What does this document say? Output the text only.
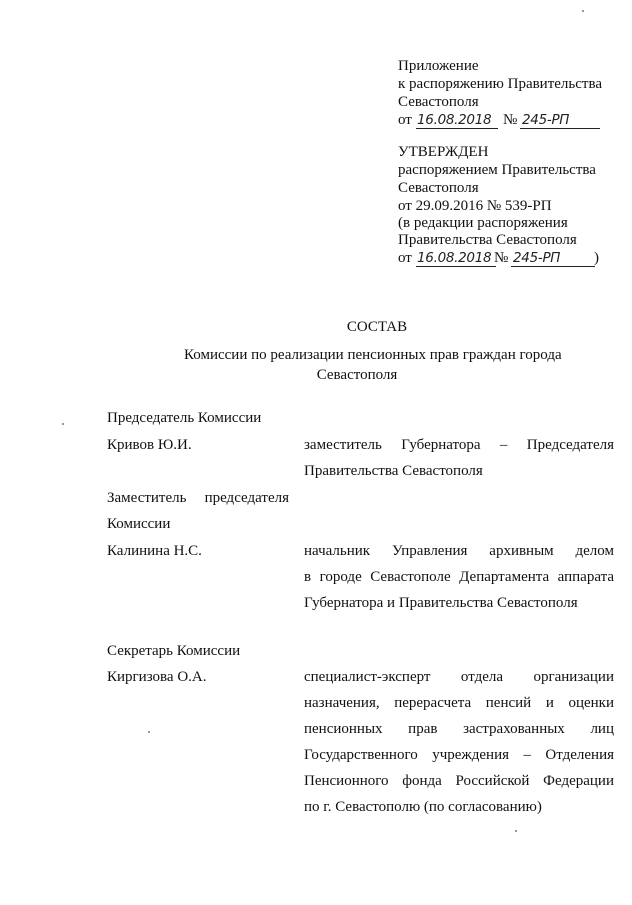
Приложение
к распоряжению Правительства
Севастополя
от 16.08.2018 № 245-РП
УТВЕРЖДЕН
распоряжением Правительства
Севастополя
от 29.09.2016 № 539-РП
(в редакции распоряжения
Правительства Севастополя
от 16.08.2018 № 245-РП )
СОСТАВ
Комиссии по реализации пенсионных прав граждан города
Севастополя
Председатель Комиссии
Кривов Ю.И.	заместитель Губернатора – Председателя
Правительства Севастополя
Заместитель председателя
Комиссии
Калинина Н.С.	начальник Управления архивным делом
в городе Севастополе Департамента аппарата
Губернатора и Правительства Севастополя
Секретарь Комиссии
Киргизова О.А.	специалист-эксперт отдела организации
назначения, перерасчета пенсий и оценки
пенсионных прав застрахованных лиц
Государственного учреждения – Отделения
Пенсионного фонда Российской Федерации
по г. Севастополю (по согласованию)
